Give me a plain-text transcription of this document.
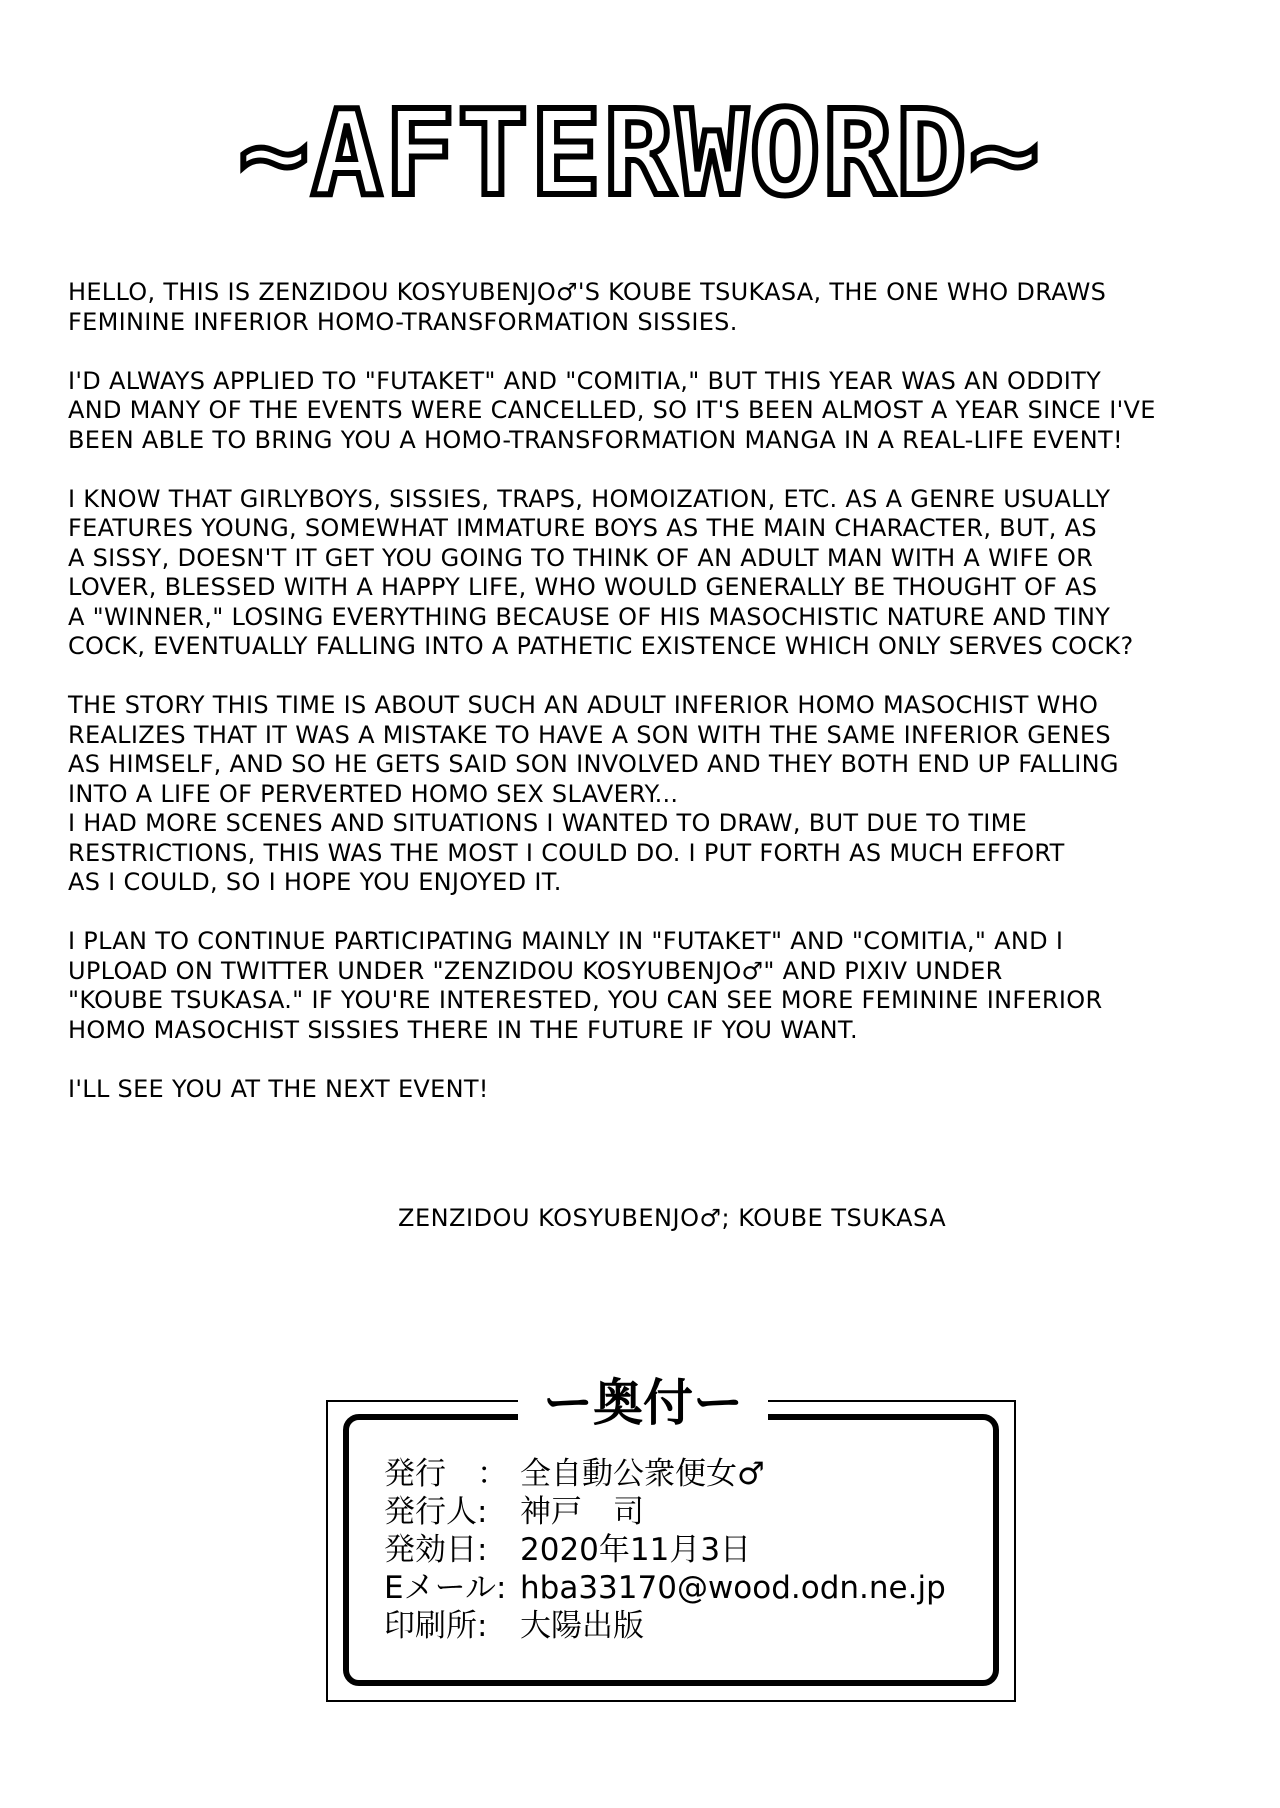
~AFTERWORD~
HELLO, THIS IS ZENZIDOU KOSYUBENJO♂'S KOUBE TSUKASA, THE ONE WHO DRAWS
FEMININE INFERIOR HOMO-TRANSFORMATION SISSIES.
I'D ALWAYS APPLIED TO "FUTAKET" AND "COMITIA," BUT THIS YEAR WAS AN ODDITY
AND MANY OF THE EVENTS WERE CANCELLED, SO IT'S BEEN ALMOST A YEAR SINCE I'VE
BEEN ABLE TO BRING YOU A HOMO-TRANSFORMATION MANGA IN A REAL-LIFE EVENT!
I KNOW THAT GIRLYBOYS, SISSIES, TRAPS, HOMOIZATION, ETC. AS A GENRE USUALLY
FEATURES YOUNG, SOMEWHAT IMMATURE BOYS AS THE MAIN CHARACTER, BUT, AS
A SISSY, DOESN'T IT GET YOU GOING TO THINK OF AN ADULT MAN WITH A WIFE OR
LOVER, BLESSED WITH A HAPPY LIFE, WHO WOULD GENERALLY BE THOUGHT OF AS
A "WINNER," LOSING EVERYTHING BECAUSE OF HIS MASOCHISTIC NATURE AND TINY
COCK, EVENTUALLY FALLING INTO A PATHETIC EXISTENCE WHICH ONLY SERVES COCK?
THE STORY THIS TIME IS ABOUT SUCH AN ADULT INFERIOR HOMO MASOCHIST WHO
REALIZES THAT IT WAS A MISTAKE TO HAVE A SON WITH THE SAME INFERIOR GENES
AS HIMSELF, AND SO HE GETS SAID SON INVOLVED AND THEY BOTH END UP FALLING
INTO A LIFE OF PERVERTED HOMO SEX SLAVERY...
I HAD MORE SCENES AND SITUATIONS I WANTED TO DRAW, BUT DUE TO TIME
RESTRICTIONS, THIS WAS THE MOST I COULD DO. I PUT FORTH AS MUCH EFFORT
AS I COULD, SO I HOPE YOU ENJOYED IT.
I PLAN TO CONTINUE PARTICIPATING MAINLY IN "FUTAKET" AND "COMITIA," AND I
UPLOAD ON TWITTER UNDER "ZENZIDOU KOSYUBENJO♂" AND PIXIV UNDER
"KOUBE TSUKASA." IF YOU'RE INTERESTED, YOU CAN SEE MORE FEMININE INFERIOR
HOMO MASOCHIST SISSIES THERE IN THE FUTURE IF YOU WANT.
I'LL SEE YOU AT THE NEXT EVENT!
ZENZIDOU KOSYUBENJO♂; KOUBE TSUKASA
ー奥付ー
発行　： 全自動公衆便女♂
発行人: 神戸　司
発効日: 2020年11月3日
Eメール: hba33170@wood.odn.ne.jp
印刷所: 大陽出版
